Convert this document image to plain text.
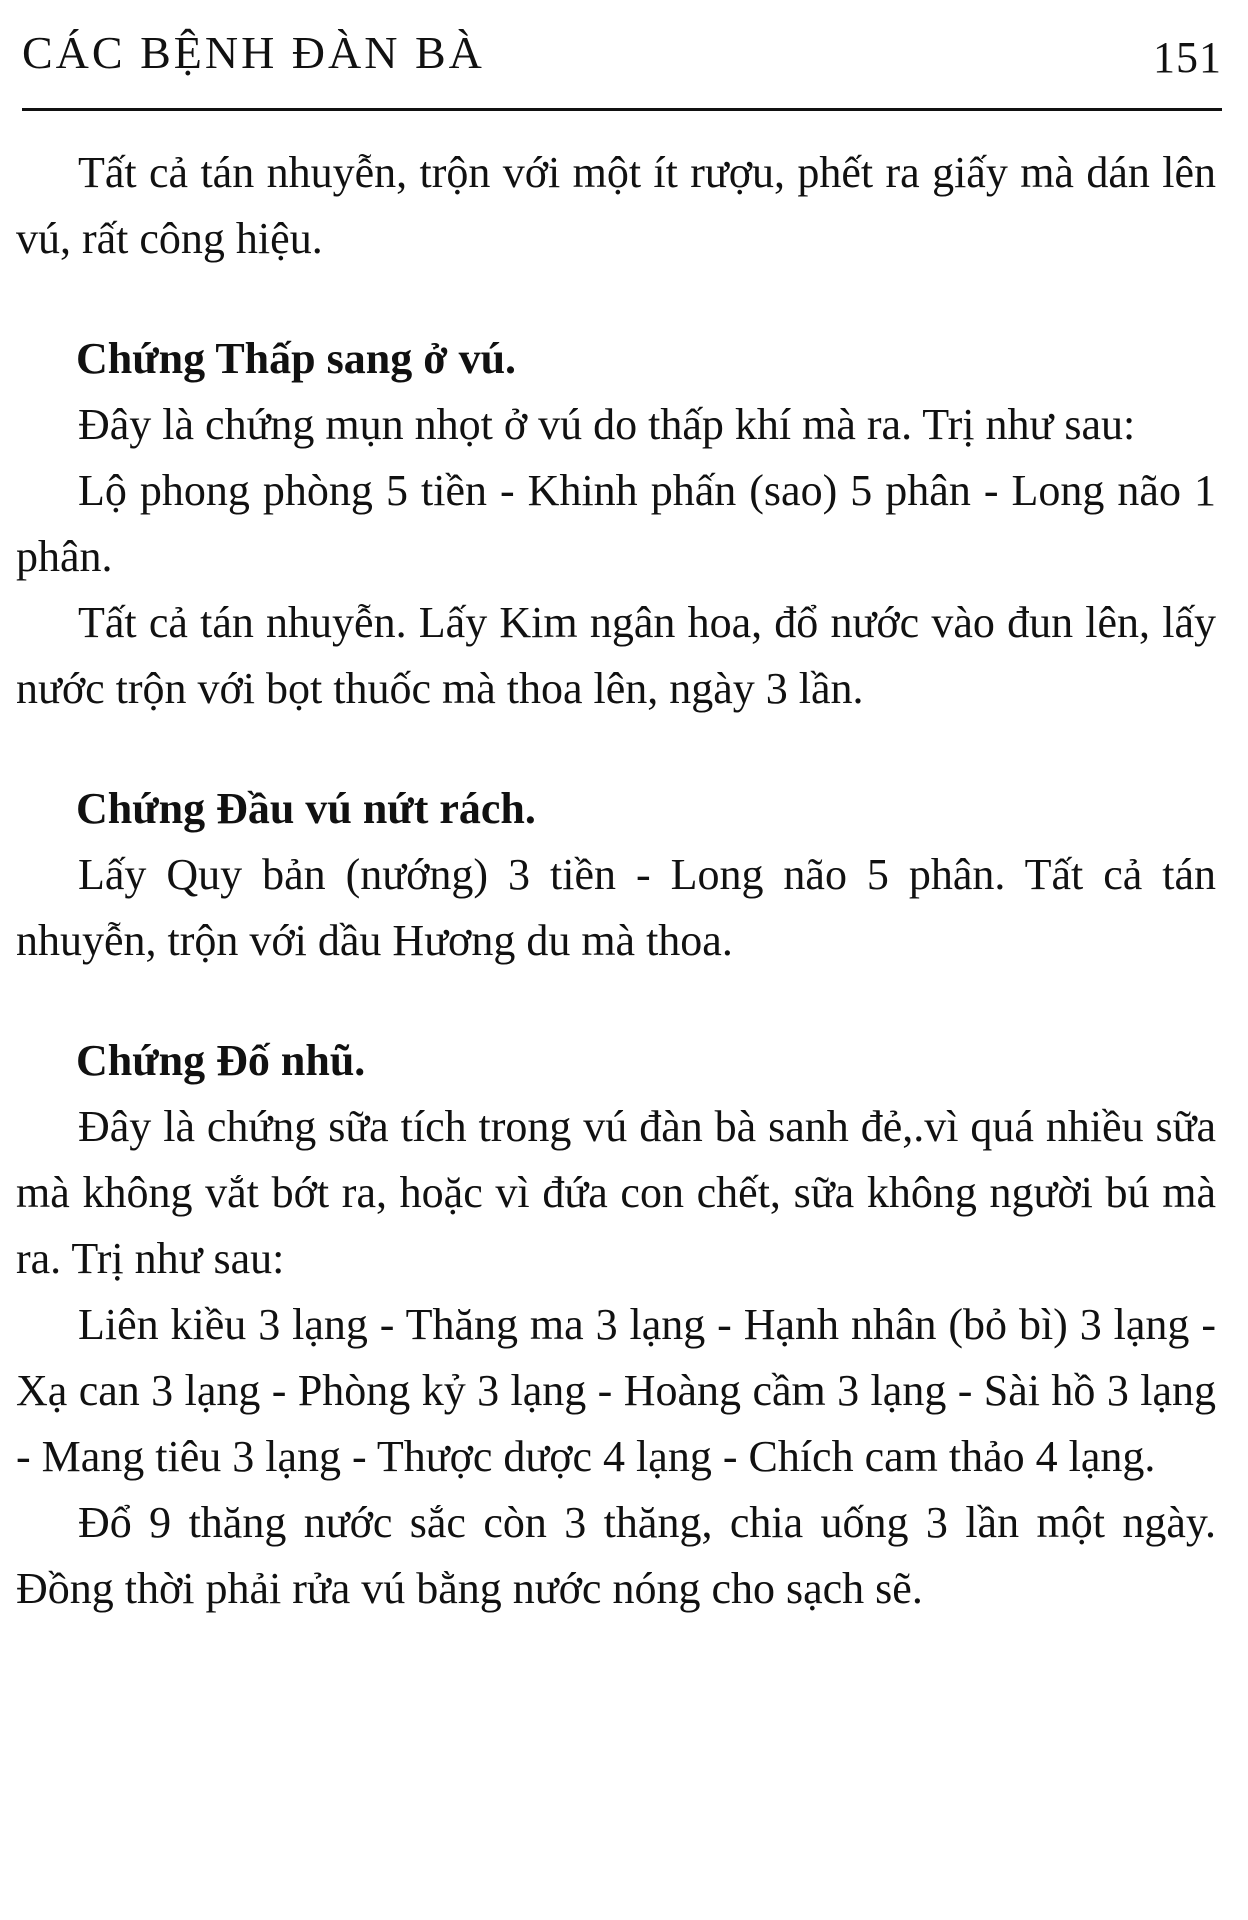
CÁC BỆNH ĐÀN BÀ	151

Tất cả tán nhuyễn, trộn với một ít rượu, phết ra giấy mà dán lên vú, rất công hiệu.

Chứng Thấp sang ở vú.

Đây là chứng mụn nhọt ở vú do thấp khí mà ra. Trị như sau:

Lộ phong phòng 5 tiền - Khinh phấn (sao) 5 phân - Long não 1 phân.

Tất cả tán nhuyễn. Lấy Kim ngân hoa, đổ nước vào đun lên, lấy nước trộn với bọt thuốc mà thoa lên, ngày 3 lần.

Chứng Đầu vú nứt rách.

Lấy Quy bản (nướng) 3 tiền - Long não 5 phân. Tất cả tán nhuyễn, trộn với dầu Hương du mà thoa.

Chứng Đố nhũ.

Đây là chứng sữa tích trong vú đàn bà sanh đẻ,.vì quá nhiều sữa mà không vắt bớt ra, hoặc vì đứa con chết, sữa không người bú mà ra. Trị như sau:

Liên kiều 3 lạng - Thăng ma 3 lạng - Hạnh nhân (bỏ bì) 3 lạng - Xạ can 3 lạng - Phòng kỷ 3 lạng - Hoàng cầm 3 lạng - Sài hồ 3 lạng - Mang tiêu 3 lạng - Thược dược 4 lạng - Chích cam thảo 4 lạng.

Đổ 9 thăng nước sắc còn 3 thăng, chia uống 3 lần một ngày. Đồng thời phải rửa vú bằng nước nóng cho sạch sẽ.
